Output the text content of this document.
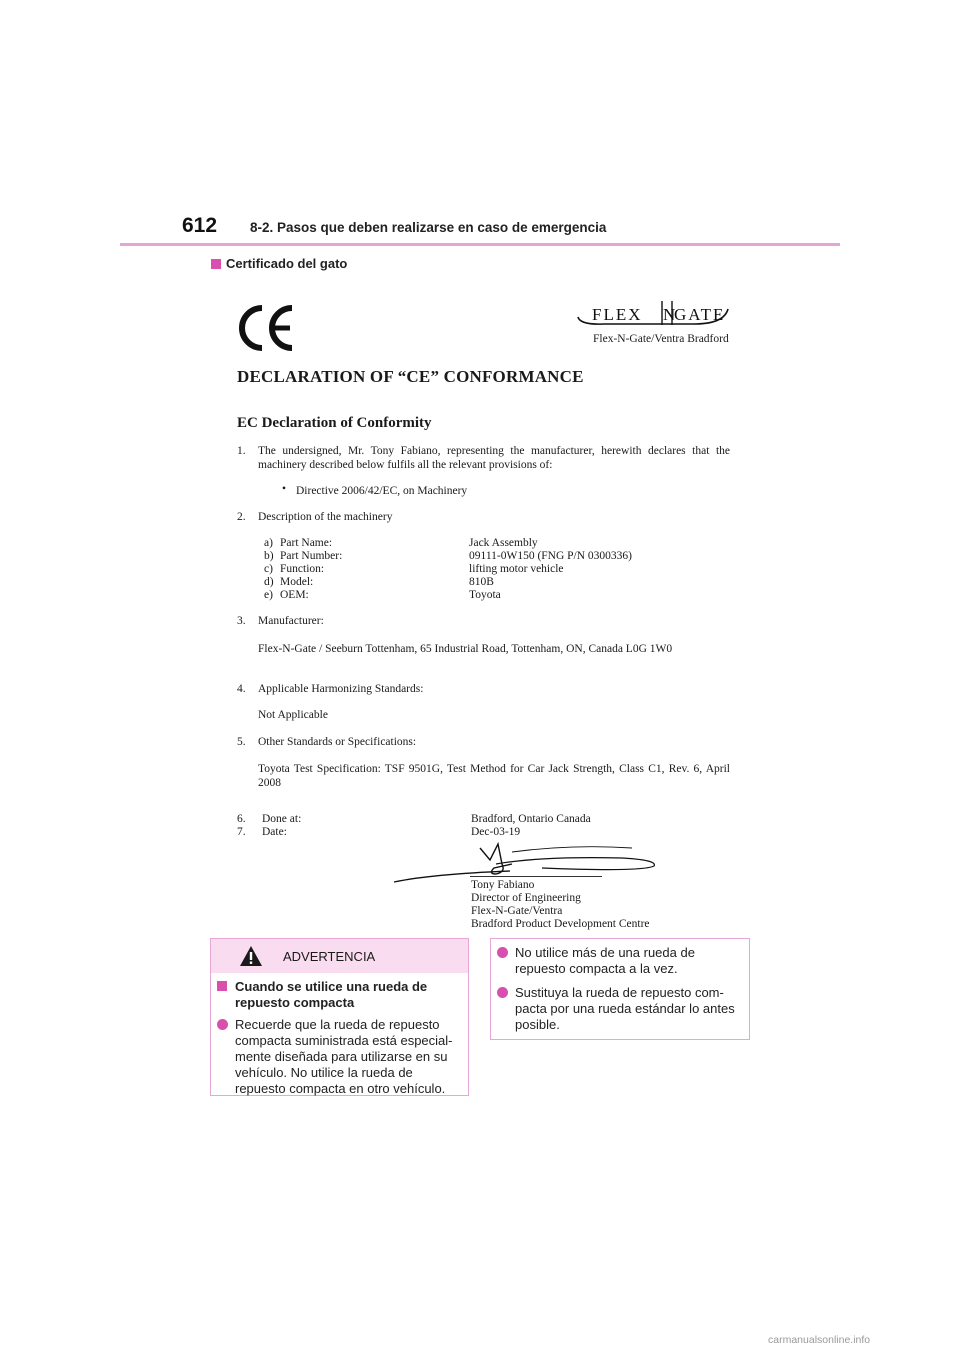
612 8-2. Pasos que deben realizarse en caso de emergencia
Certificado del gato
FLEX N
GATE
Flex-N-Gate/Ventra Bradford
DECLARATION OF “CE” CONFORMANCE
EC Declaration of Conformity
1. The undersigned, Mr. Tony Fabiano, representing the manufacturer, herewith declares that the machinery described below fulfils all the relevant provisions of:
• Directive 2006/42/EC, on Machinery
2. Description of the machinery
a) Part Name:	Jack Assembly
b) Part Number:	09111-0W150 (FNG P/N 0300336)
c) Function:	lifting motor vehicle
d) Model:	810B
e) OEM:	Toyota
3. Manufacturer:
Flex-N-Gate / Seeburn Tottenham, 65 Industrial Road, Tottenham, ON, Canada L0G 1W0
4. Applicable Harmonizing Standards:
Not Applicable
5. Other Standards or Specifications:
Toyota Test Specification: TSF 9501G, Test Method for Car Jack Strength, Class C1, Rev. 6, April 2008
6. Done at:	Bradford, Ontario Canada
7. Date:	Dec-03-19
Tony Fabiano
Director of Engineering
Flex-N-Gate/Ventra
Bradford Product Development Centre
ADVERTENCIA
Cuando se utilice una rueda de repuesto compacta
Recuerde que la rueda de repuesto compacta suministrada está especial-mente diseñada para utilizarse en su vehículo. No utilice la rueda de repuesto compacta en otro vehículo.
No utilice más de una rueda de repuesto compacta a la vez.
Sustituya la rueda de repuesto com-pacta por una rueda estándar lo antes posible.
carmanualsonline.info
